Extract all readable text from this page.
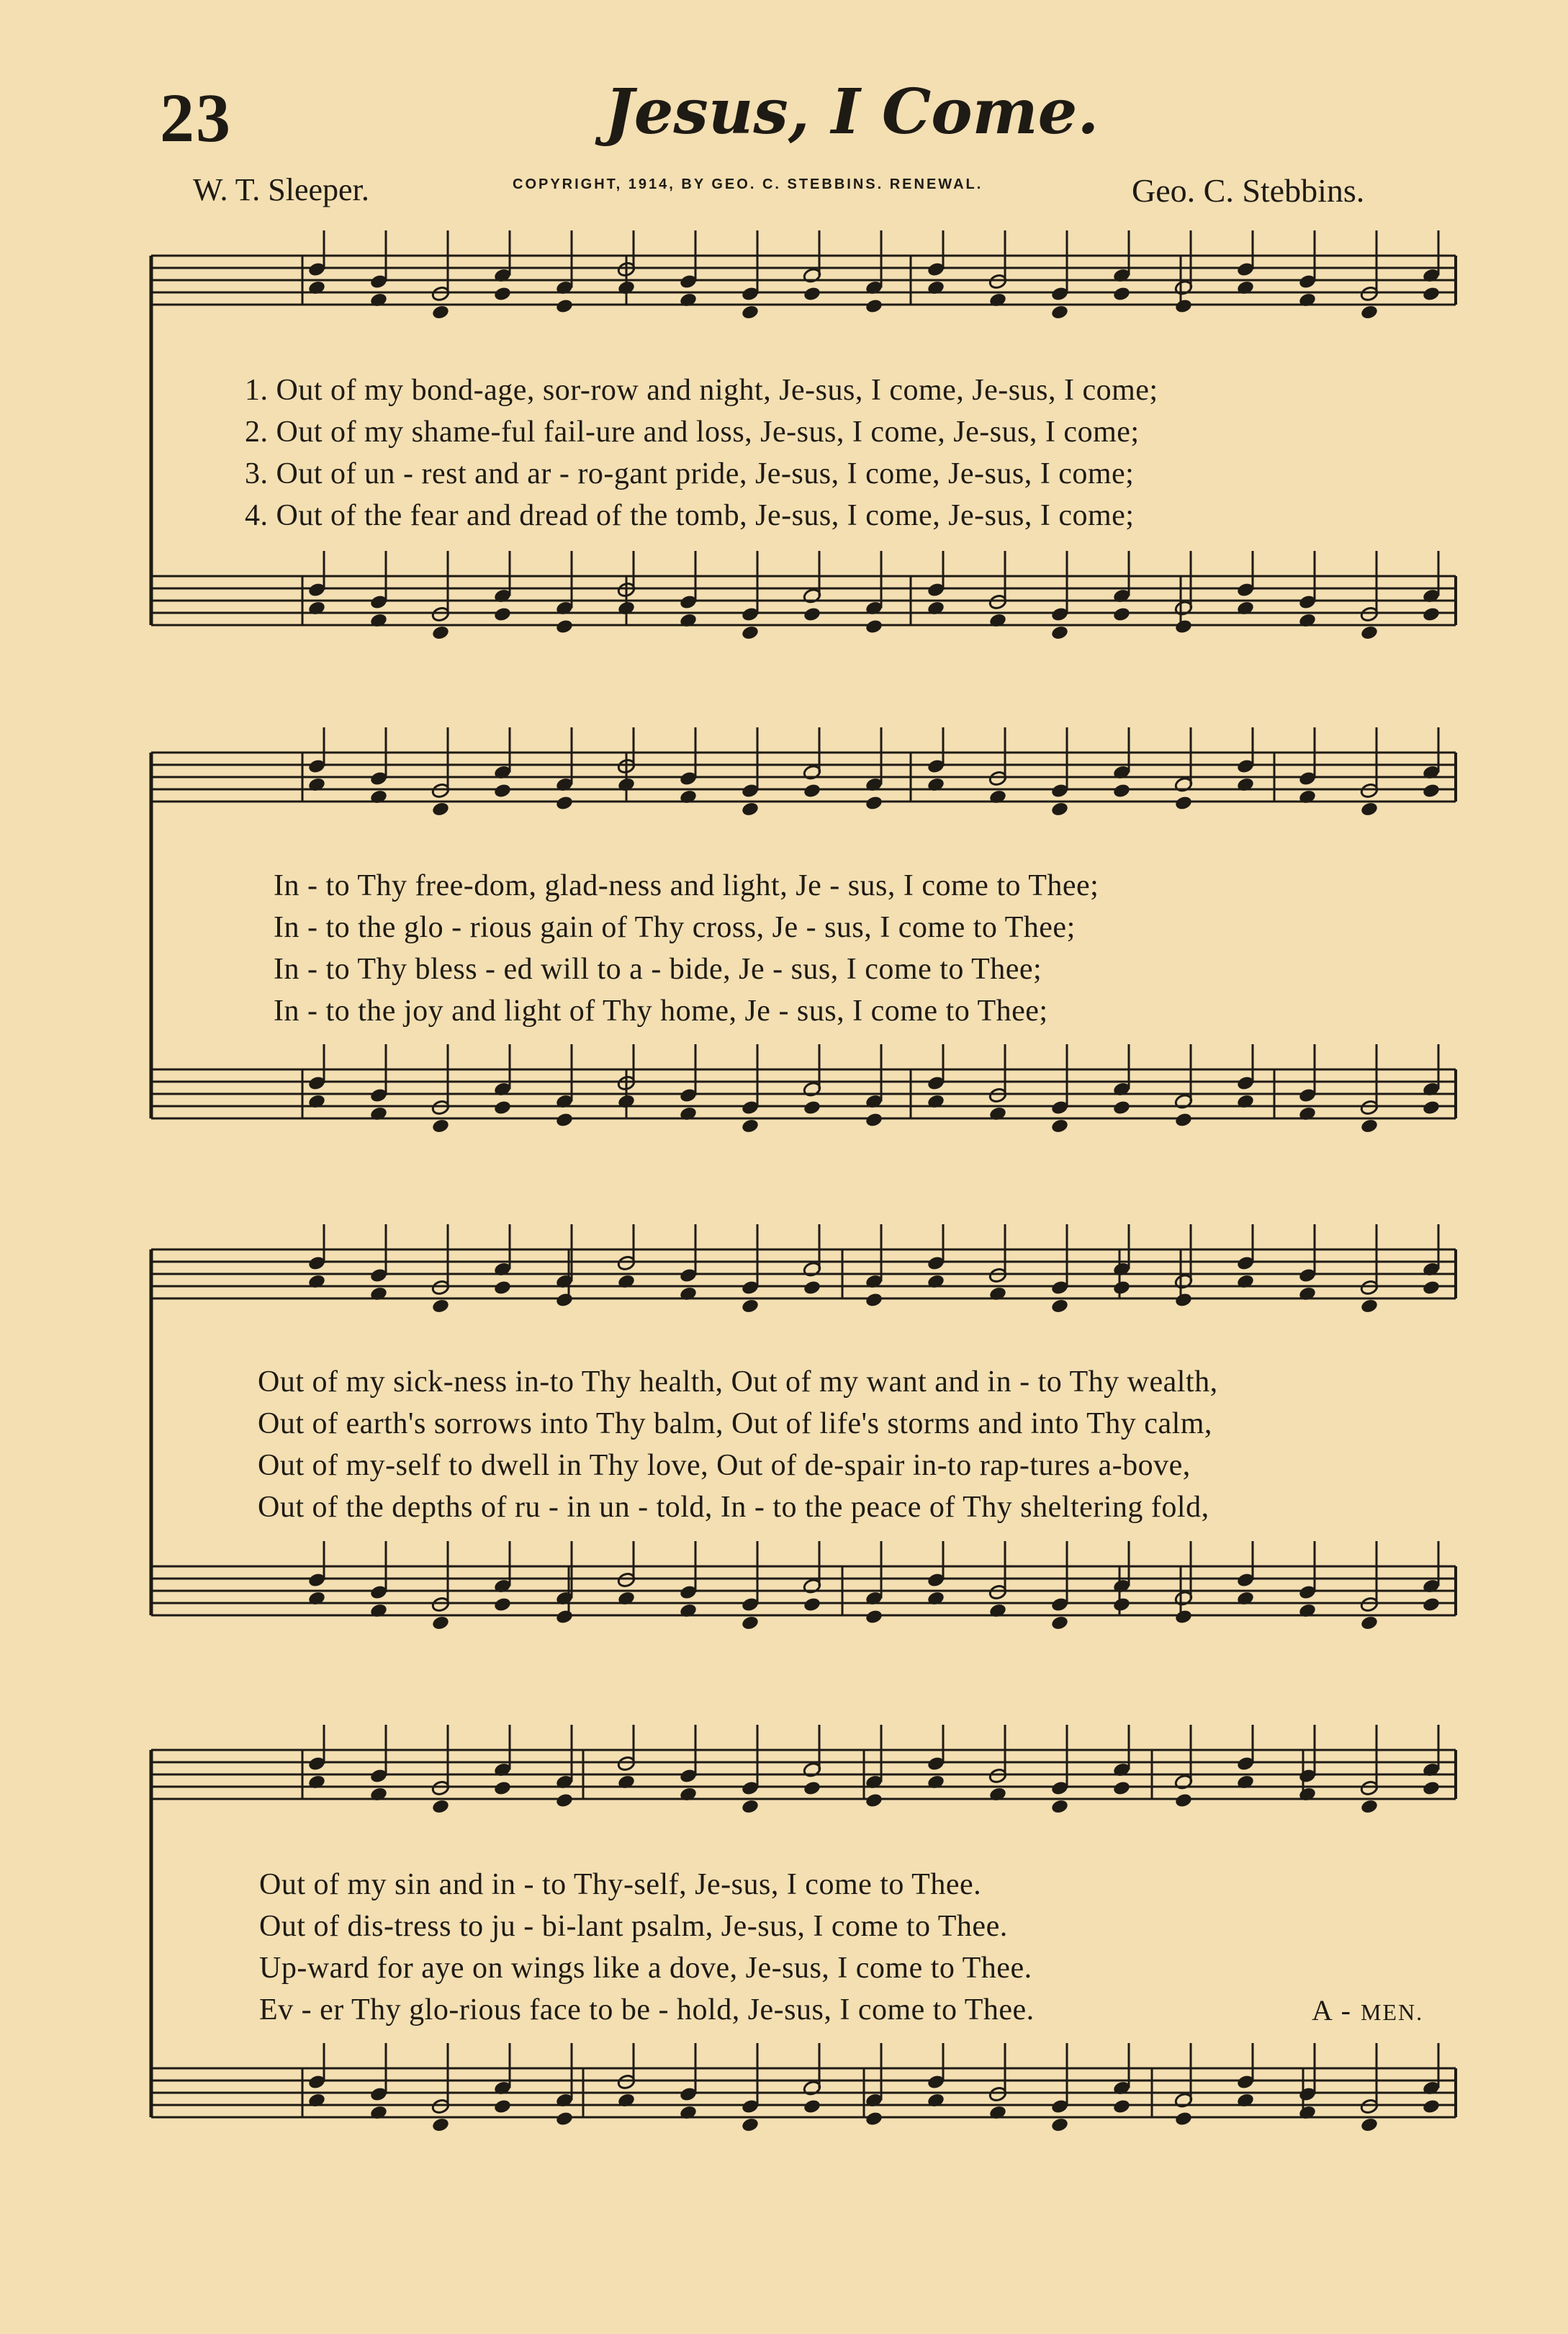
23	Jesus, I Come.
W. T. Sleeper.	COPYRIGHT, 1914, BY GEO. C. STEBBINS. RENEWAL.	Geo. C. Stebbins.
1. Out of my bond-age, sor-row and night, Je-sus, I come, Je-sus, I come;
2. Out of my shame-ful fail-ure and loss, Je-sus, I come, Je-sus, I come;
3. Out of un - rest and ar - ro-gant pride, Je-sus, I come, Je-sus, I come;
4. Out of the fear and dread of the tomb, Je-sus, I come, Je-sus, I come;
In - to Thy free-dom, glad-ness and light, Je - sus, I come to Thee;
In - to the glo - rious gain of Thy cross, Je - sus, I come to Thee;
In - to Thy bless - ed will to a - bide, Je - sus, I come to Thee;
In - to the joy and light of Thy home, Je - sus, I come to Thee;
Out of my sick-ness in-to Thy health, Out of my want and in - to Thy wealth,
Out of earth's sorrows into Thy balm, Out of life's storms and into Thy calm,
Out of my-self to dwell in Thy love, Out of de-spair in-to rap-tures a-bove,
Out of the depths of ru - in un - told, In - to the peace of Thy sheltering fold,
Out of my sin and in - to Thy-self, Je-sus, I come to Thee.
Out of dis-tress to ju - bi-lant psalm, Je-sus, I come to Thee.
Up-ward for aye on wings like a dove, Je-sus, I come to Thee.
Ev - er Thy glo-rious face to be - hold, Je-sus, I come to Thee.	A - MEN.
